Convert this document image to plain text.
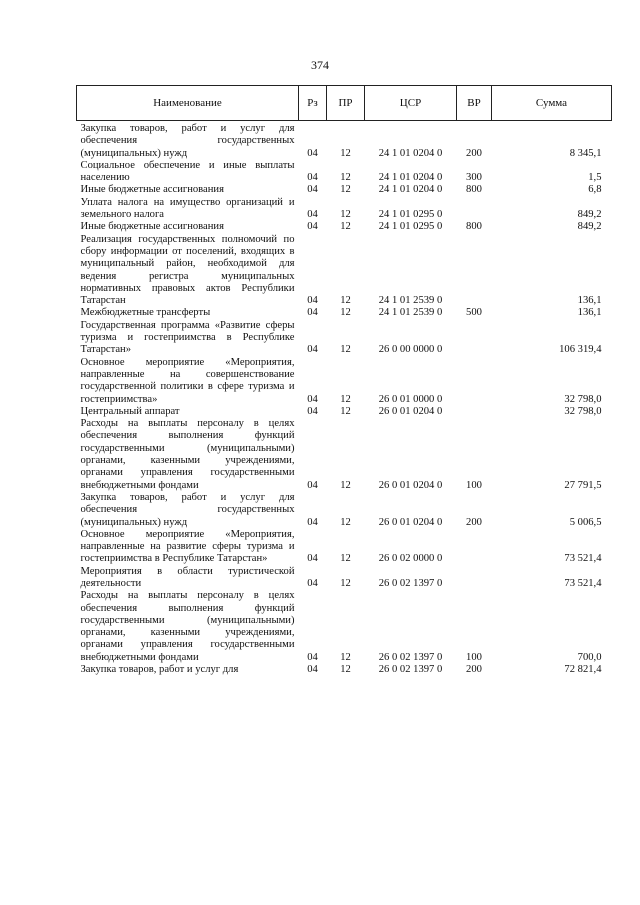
374
Наименование	Рз	ПР	ЦСР	ВР	Сумма
Закупка товаров, работ и услуг для обеспечения государственных (муниципальных) нужд	04	12	24 1 01 0204 0	200	8 345,1
Социальное обеспечение и иные выплаты населению	04	12	24 1 01 0204 0	300	1,5
Иные бюджетные ассигнования	04	12	24 1 01 0204 0	800	6,8
Уплата налога на имущество организаций и земельного налога	04	12	24 1 01 0295 0		849,2
Иные бюджетные ассигнования	04	12	24 1 01 0295 0	800	849,2
Реализация государственных полномочий по сбору информации от поселений, входящих в муниципальный район, необходимой для ведения регистра муниципальных нормативных правовых актов Республики Татарстан	04	12	24 1 01 2539 0		136,1
Межбюджетные трансферты	04	12	24 1 01 2539 0	500	136,1
Государственная программа «Развитие сферы туризма и гостеприимства в Республике Татарстан»	04	12	26 0 00 0000 0		106 319,4
Основное мероприятие «Мероприятия, направленные на совершенствование государственной политики в сфере туризма и гостеприимства»	04	12	26 0 01 0000 0		32 798,0
Центральный аппарат	04	12	26 0 01 0204 0		32 798,0
Расходы на выплаты персоналу в целях обеспечения выполнения функций государственными (муниципальными) органами, казенными учреждениями, органами управления государственными внебюджетными фондами	04	12	26 0 01 0204 0	100	27 791,5
Закупка товаров, работ и услуг для обеспечения государственных (муниципальных) нужд	04	12	26 0 01 0204 0	200	5 006,5
Основное мероприятие «Мероприятия, направленные на развитие сферы туризма и гостеприимства в Республике Татарстан»	04	12	26 0 02 0000 0		73 521,4
Мероприятия в области туристической деятельности	04	12	26 0 02 1397 0		73 521,4
Расходы на выплаты персоналу в целях обеспечения выполнения функций государственными (муниципальными) органами, казенными учреждениями, органами управления государственными внебюджетными фондами	04	12	26 0 02 1397 0	100	700,0
Закупка товаров, работ и услуг для	04	12	26 0 02 1397 0	200	72 821,4
